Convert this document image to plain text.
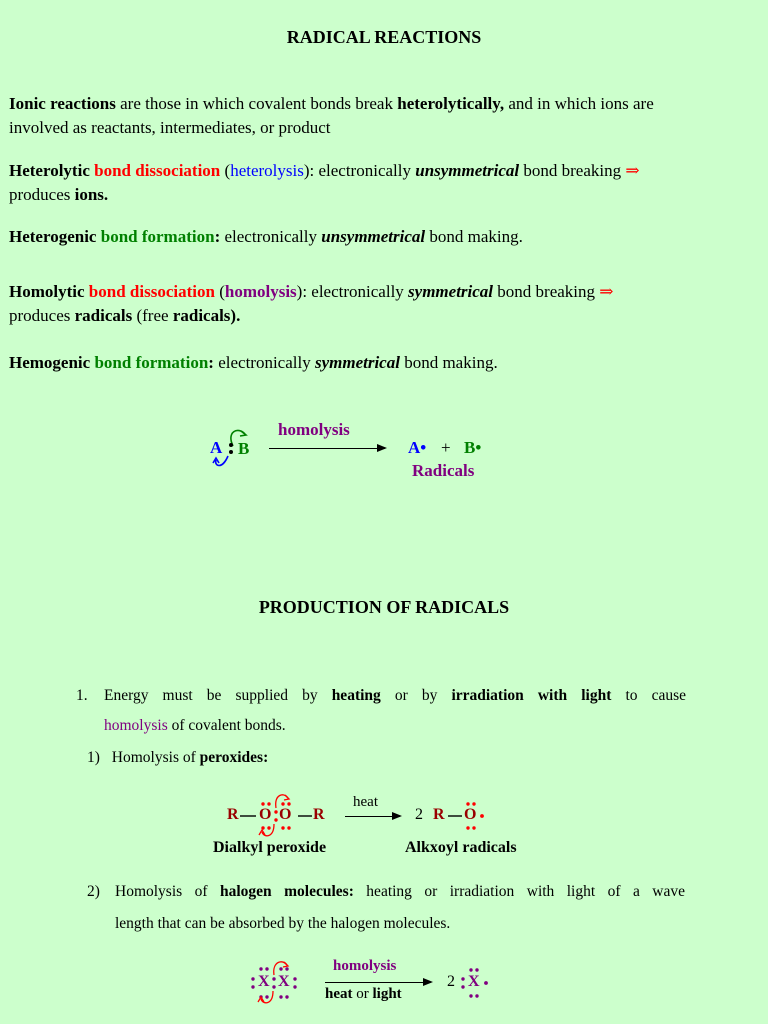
RADICAL REACTIONS
Ionic reactions are those in which covalent bonds break heterolytically, and in which ions are
involved as reactants, intermediates, or product
Heterolytic bond dissociation (heterolysis): electronically unsymmetrical bond breaking ⇒
produces ions.
Heterogenic bond formation: electronically unsymmetrical bond making.
Homolytic bond dissociation (homolysis): electronically symmetrical bond breaking ⇒
produces radicals (free radicals).
Hemogenic bond formation: electronically symmetrical bond making.
A B
homolysis
A• + B•
Radicals
PRODUCTION OF RADICALS
1. Energy must be supplied by heating or by irradiation with light to cause
homolysis of covalent bonds.
1) Homolysis of peroxides:
R O O R
heat
→ 2 R O
Dialkyl peroxide	Alkxoyl radicals
2) Homolysis of halogen molecules: heating or irradiation with light of a wave
length that can be absorbed by the halogen molecules.
X X
homolysis
heat or light
2 X
